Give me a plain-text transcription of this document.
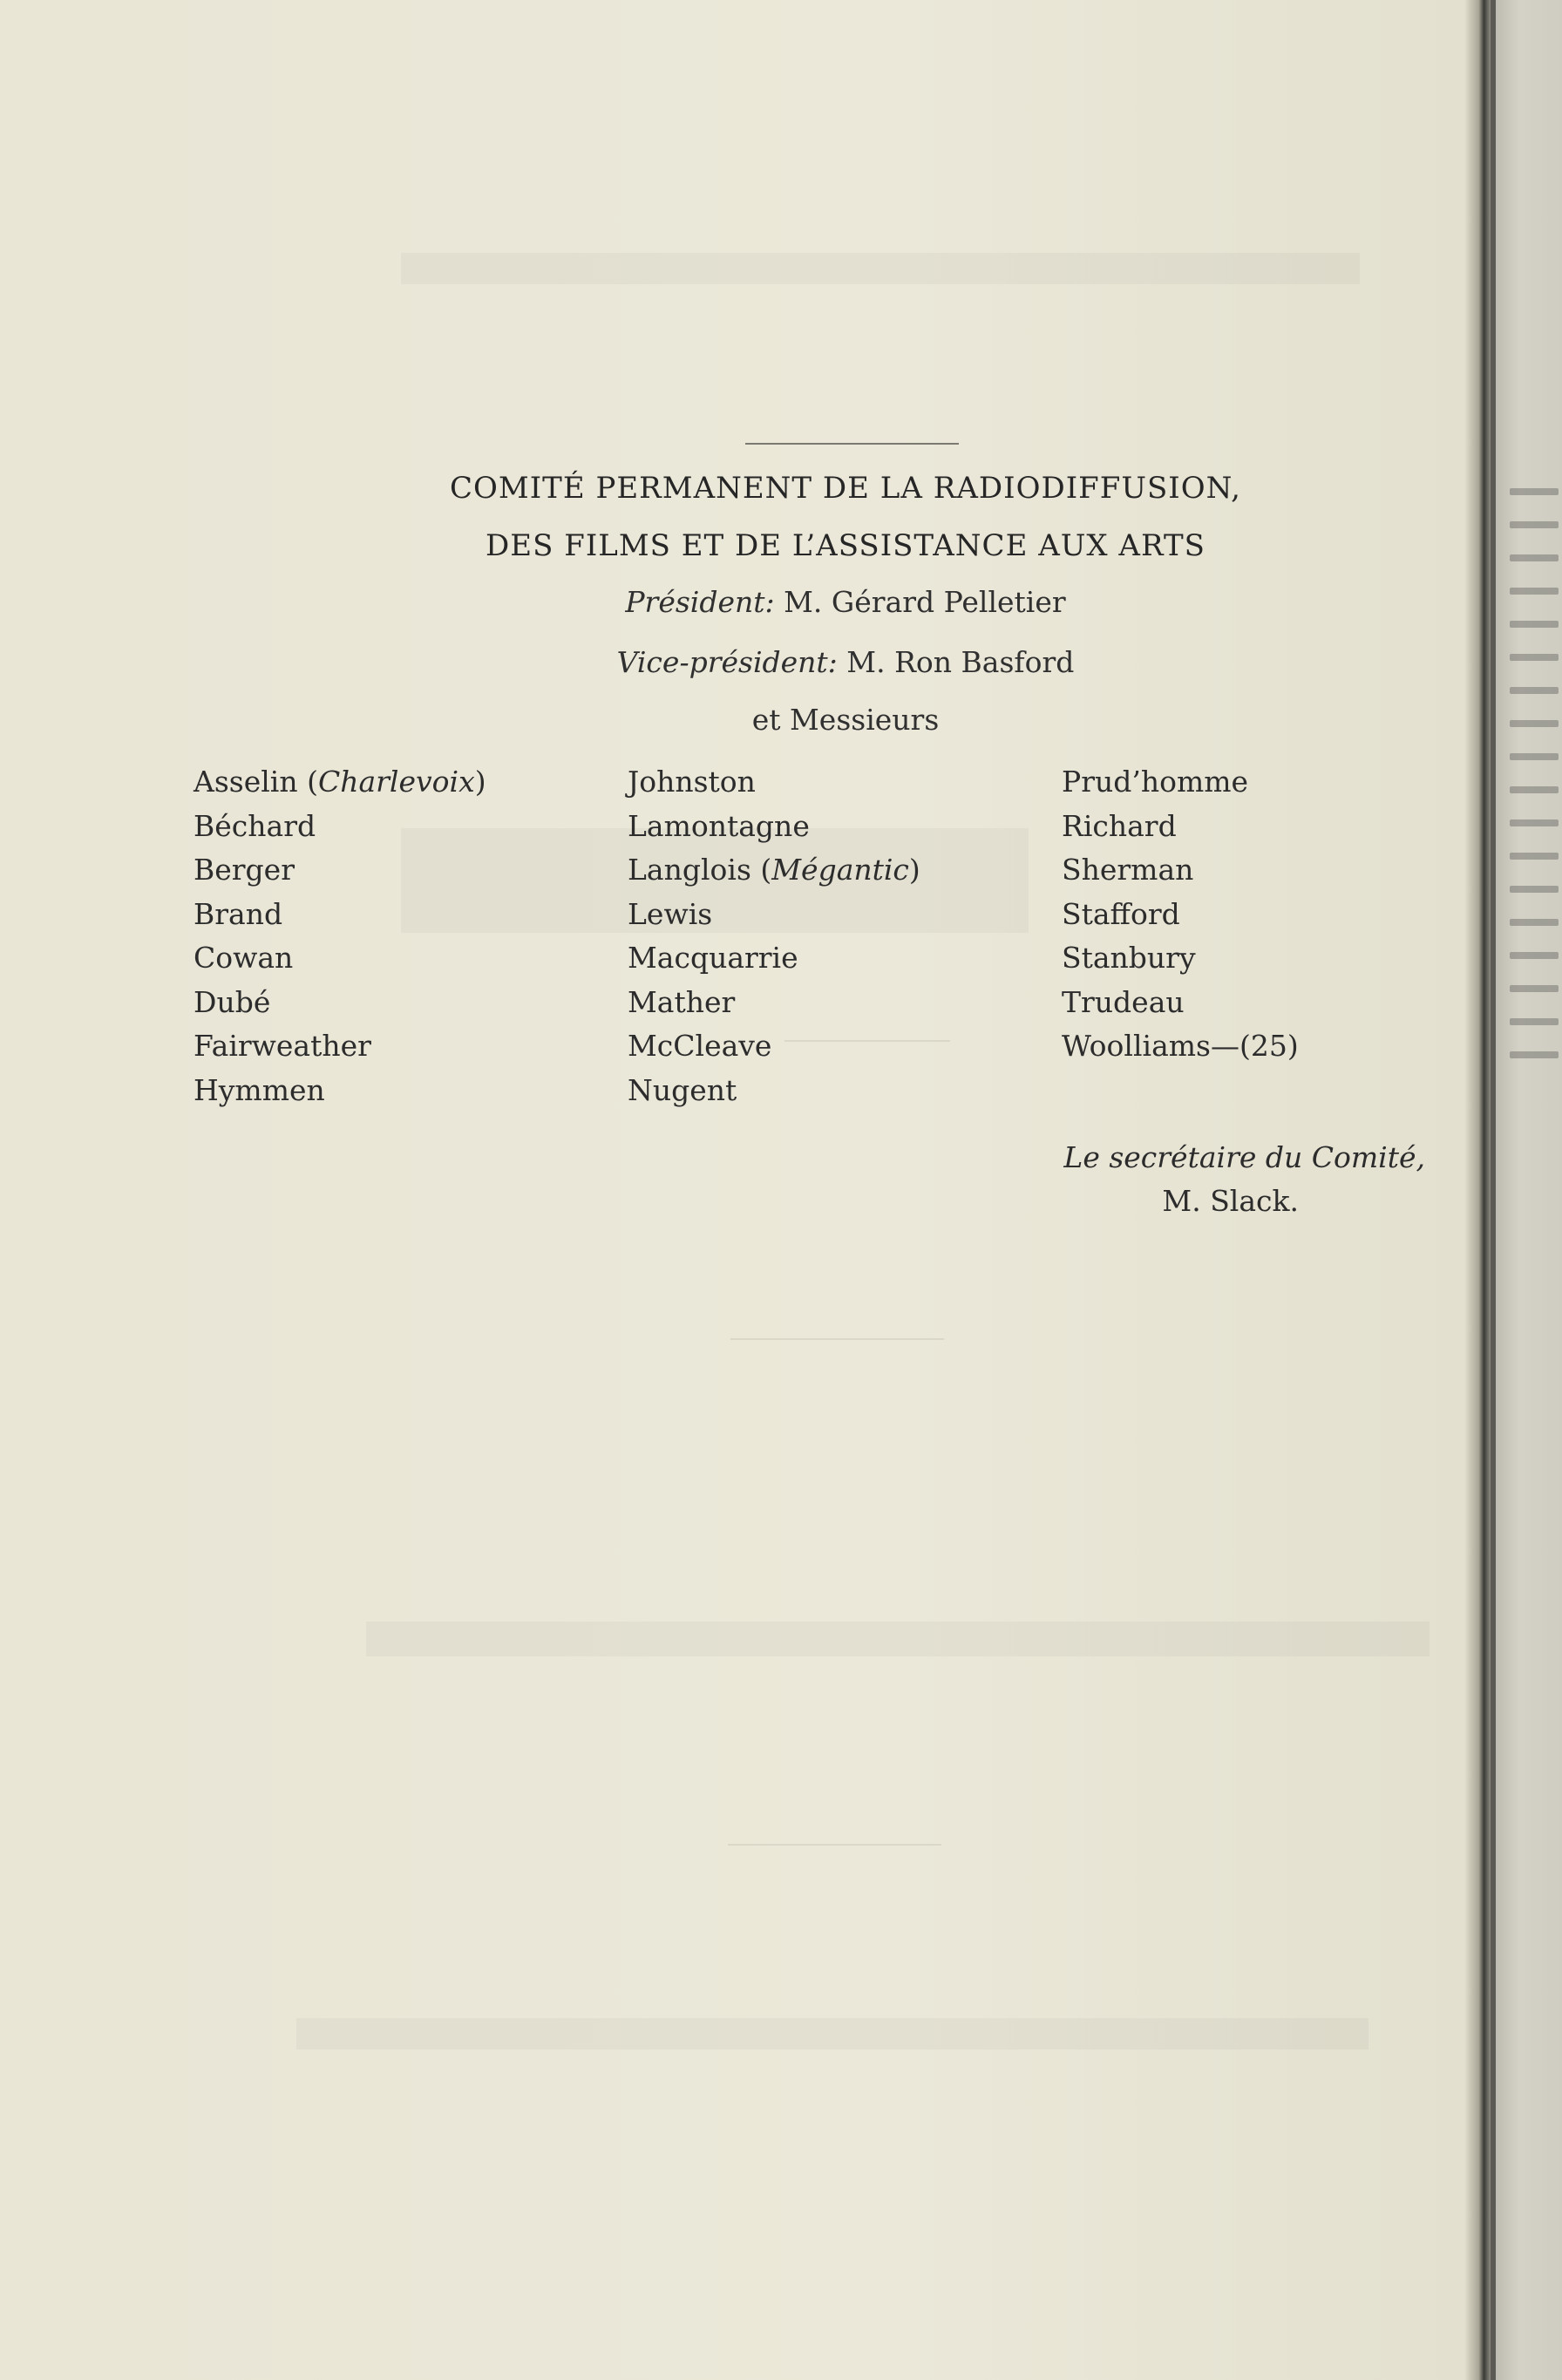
COMITÉ PERMANENT DE LA RADIODIFFUSION,
DES FILMS ET DE L’ASSISTANCE AUX ARTS
Président: M. Gérard Pelletier
Vice-président: M. Ron Basford
et Messieurs
Asselin (Charlevoix)
Béchard
Berger
Brand
Cowan
Dubé
Fairweather
Hymmen
Johnston
Lamontagne
Langlois (Mégantic)
Lewis
Macquarrie
Mather
McCleave
Nugent
Prud’homme
Richard
Sherman
Stafford
Stanbury
Trudeau
Woolliams—(25)
Le secrétaire du Comité,
M. Slack.
